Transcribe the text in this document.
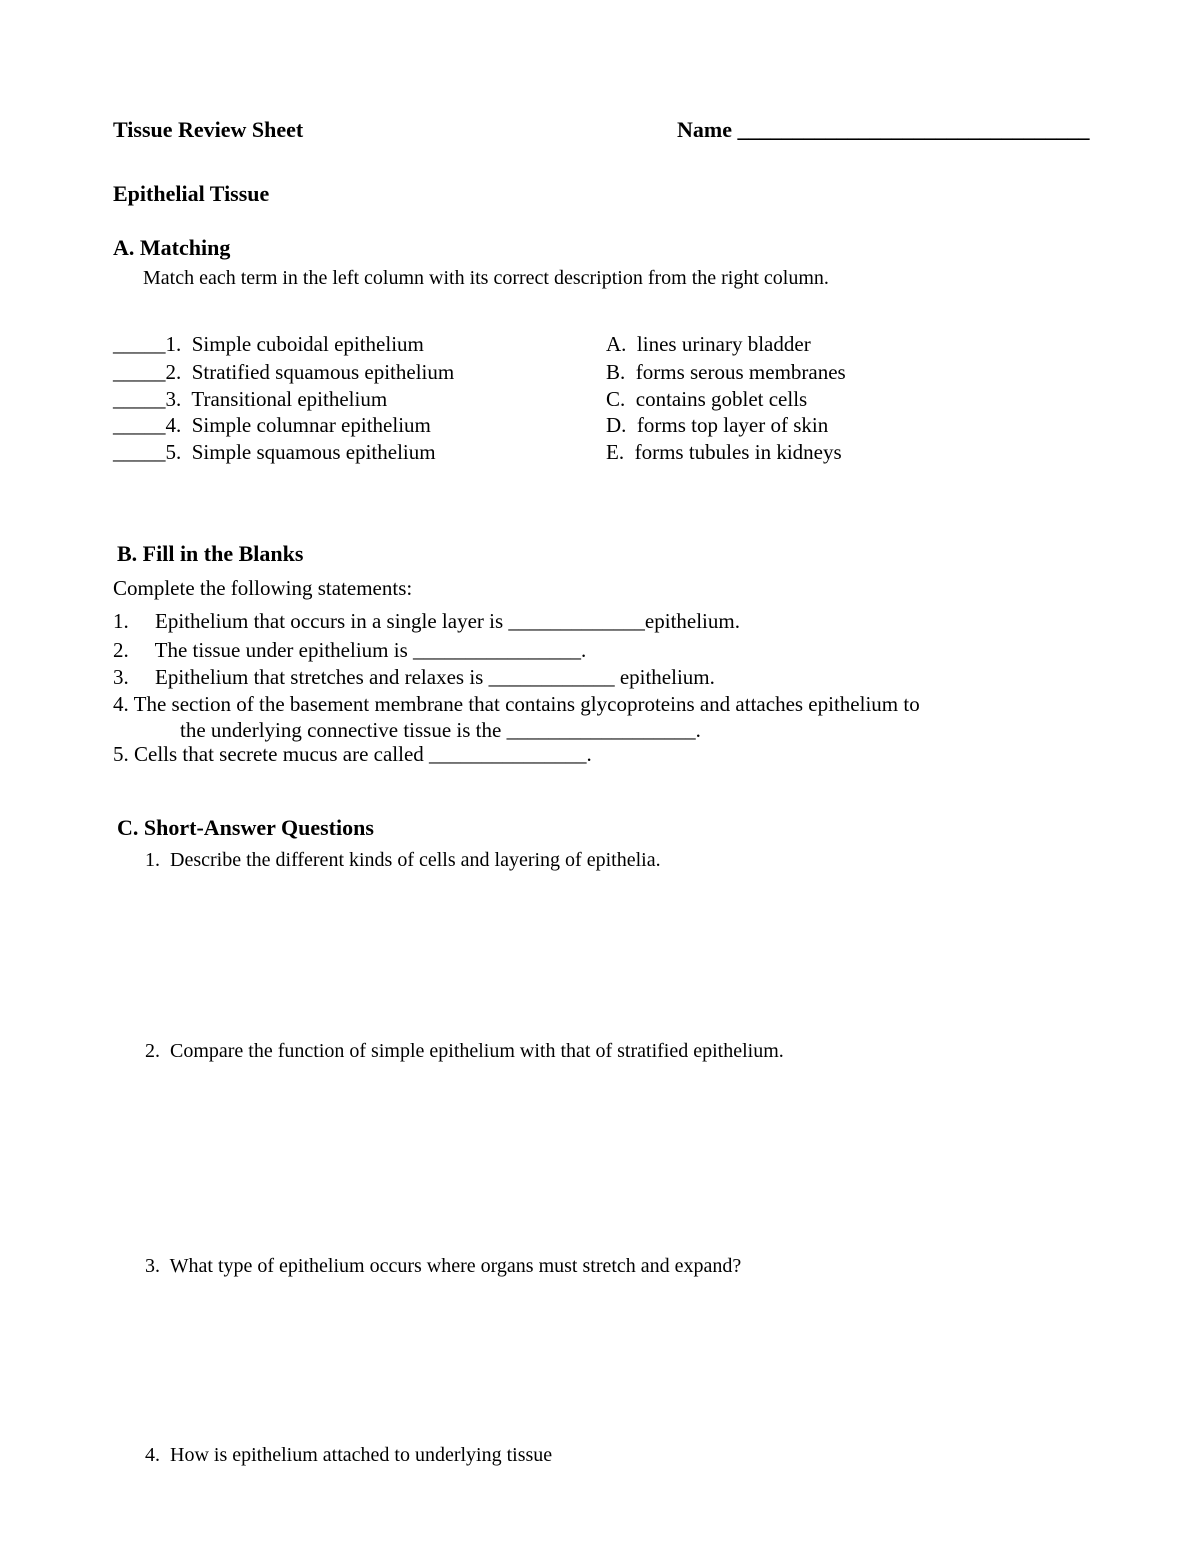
Tissue Review Sheet	Name ________________________________
Epithelial Tissue
A. Matching
Match each term in the left column with its correct description from the right column.
_____1.  Simple cuboidal epithelium
_____2.  Stratified squamous epithelium
_____3.  Transitional epithelium
_____4.  Simple columnar epithelium
_____5.  Simple squamous epithelium
A.  lines urinary bladder
B.  forms serous membranes
C.  contains goblet cells
D.  forms top layer of skin
E.  forms tubules in kidneys
B. Fill in the Blanks
Complete the following statements:
1.     Epithelium that occurs in a single layer is _____________epithelium.
2.     The tissue under epithelium is ________________.
3.     Epithelium that stretches and relaxes is ____________ epithelium.
4. The section of the basement membrane that contains glycoproteins and attaches epithelium to
the underlying connective tissue is the __________________.
5. Cells that secrete mucus are called _______________.
C. Short-Answer Questions
1.  Describe the different kinds of cells and layering of epithelia.
2.  Compare the function of simple epithelium with that of stratified epithelium.
3.  What type of epithelium occurs where organs must stretch and expand?
4.  How is epithelium attached to underlying tissue
